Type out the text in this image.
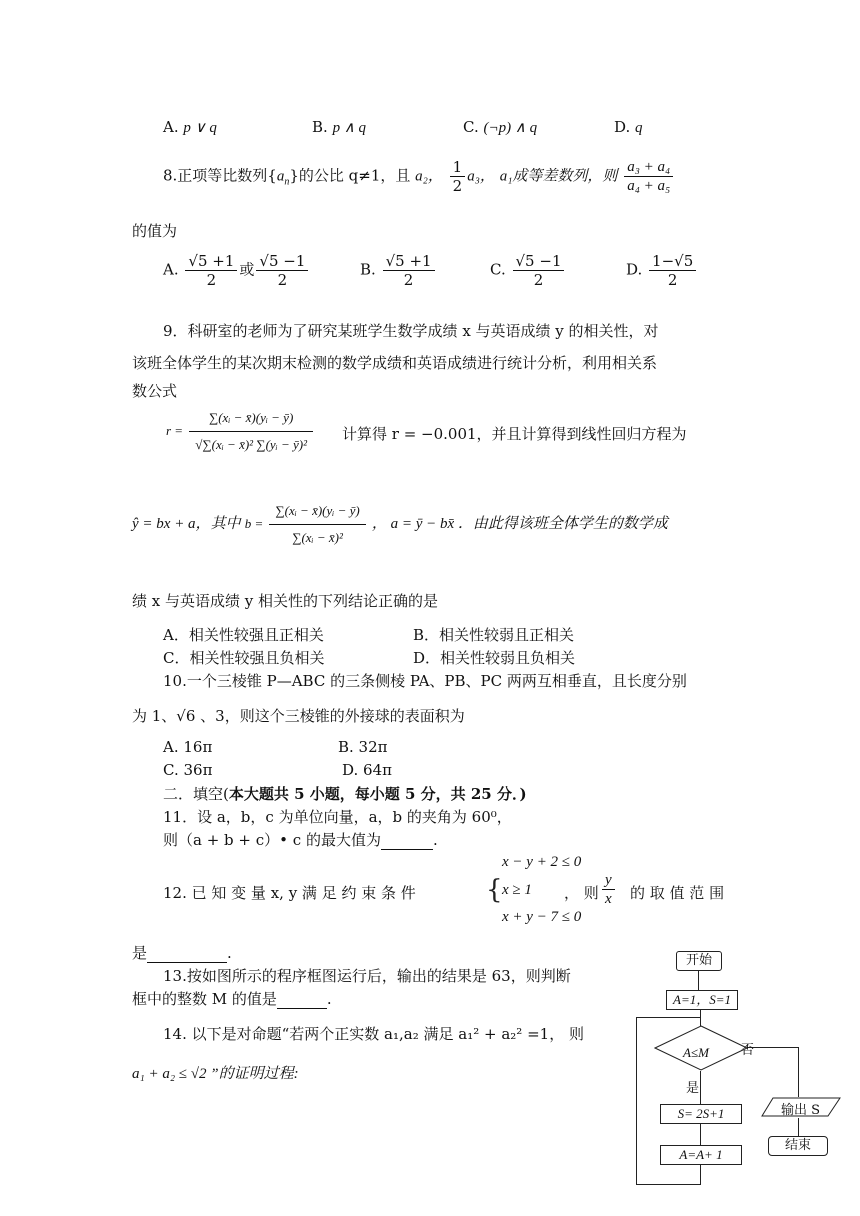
A. p ∨ q	B. p ∧ q	C. (¬p) ∧ q	D. q
8.正项等比数列$\{a_n\}$的公比 q≠1，且 a₂， $\frac{1}{2} a_3$， a₁成等差数列，则 $\frac{\text{a₃ + a₄}}{\text{a₄ + a₅}}$
的值为
A. $\frac{√5 +1}{2}$ 或 $\frac{√5 -1}{2}$	B. $\frac{√5 +1}{2}$	C. $\frac{√5 -1}{2}$	D. $\frac{1-√5}{2}$
9．科研室的老师为了研究某班学生数学成绩 x 与英语成绩 y 的相关性，对
该班全体学生的某次期末检测的数学成绩和英语成绩进行统计分析，利用相关系
数公式
$r = \frac{\text{∑(xᵢ − x̄)(yᵢ − ȳ)}}{\text{√∑(xᵢ − x̄)² ∑(yᵢ − ȳ)²}}$ 计算得 r = −0.001，并且计算得到线性回归方程为
ŷ = bx + a，其中 $b = \frac{\text{∑(xᵢ − x̄)(yᵢ − ȳ)}}{\text{∑(xᵢ − x̄)²}}$ ， a = ȳ − bx̄ ．由此得该班全体学生的数学成
绩 x 与英语成绩 y 相关性的下列结论正确的是
A．相关性较强且正相关	B．相关性较弱且正相关
C．相关性较强且负相关	D．相关性较弱且负相关
10.一个三棱锥 P—ABC 的三条侧棱 PA、PB、PC 两两互相垂直，且长度分别
为 1、√6 、3，则这个三棱锥的外接球的表面积为
A. 16π	B. 32π
C. 36π	D. 64π
二．填空(本大题共 5 小题，每小题 5 分，共 25 分．)
11．设 a，b，c 为单位向量，a，b 的夹角为 60⁰，
则（a + b + c）• c 的最大值为	.
12. 已 知 变 量 x, y 满 足 约 束 条 件	{
x − y + 2 ≤ 0
x ≥ 1
x + y − 7 ≤ 0
， 则 $\frac{y}{x}$ 的 取 值 范 围
是	.
13.按如图所示的程序框图运行后，输出的结果是 63，则判断
框中的整数 M 的值是	.
14. 以下是对命题“若两个正实数 a₁,a₂ 满足 a₁² + a₂² =1， 则
a₁ + a₂ ≤ √2 ”的证明过程:
开始
A=1，S=1
A≤M 否
是
S= 2S+1
A=A+ 1
输出 S
结束
